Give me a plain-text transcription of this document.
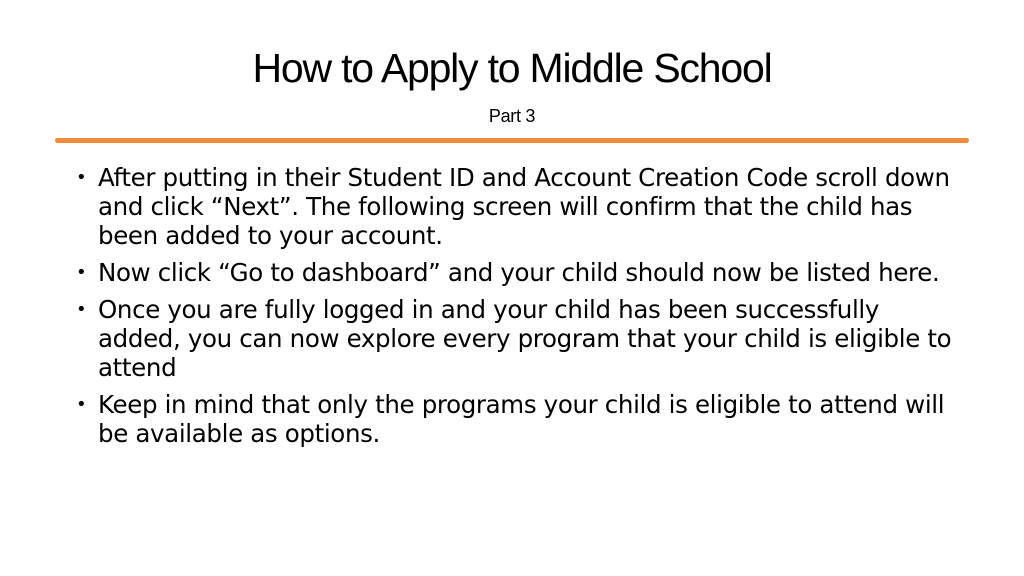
How to Apply to Middle School
Part 3
• After putting in their Student ID and Account Creation Code scroll down and click “Next”. The following screen will confirm that the child has been added to your account.
• Now click “Go to dashboard” and your child should now be listed here.
• Once you are fully logged in and your child has been successfully added, you can now explore every program that your child is eligible to attend
• Keep in mind that only the programs your child is eligible to attend will be available as options.
